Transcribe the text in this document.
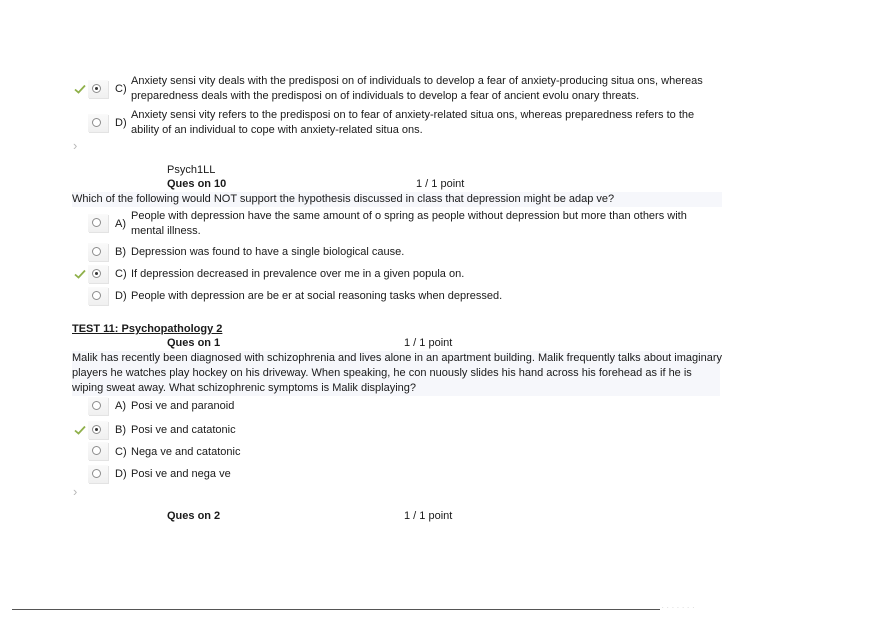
C)
Anxiety sensi vity deals with the predisposi on of individuals to develop a fear of anxiety-producing situa ons, whereas preparedness deals with the predisposi on of individuals to develop a fear of ancient evolu onary threats.
D)
Anxiety sensi vity refers to the predisposi on to fear of anxiety-related situa ons, whereas preparedness refers to the ability of an individual to cope with anxiety-related situa ons.
›
Psych1LL
Ques on 10	1 / 1 point
Which of the following would NOT support the hypothesis discussed in class that depression might be adap ve?
A)
People with depression have the same amount of o spring as people without depression but more than others with mental illness.
B) Depression was found to have a single biological cause.
C) If depression decreased in prevalence over me in a given popula on.
D) People with depression are be er at social reasoning tasks when depressed.
TEST 11: Psychopathology 2
Ques on 1	1 / 1 point
Malik has recently been diagnosed with schizophrenia and lives alone in an apartment building. Malik frequently talks about imaginary players he watches play hockey on his driveway. When speaking, he con nuously slides his hand across his forehead as if he is wiping sweat away. What schizophrenic symptoms is Malik displaying?
A) Posi ve and paranoid
B) Posi ve and catatonic
C) Nega ve and catatonic
D) Posi ve and nega ve
›
Ques on 2	1 / 1 point
· · · · · · ·
